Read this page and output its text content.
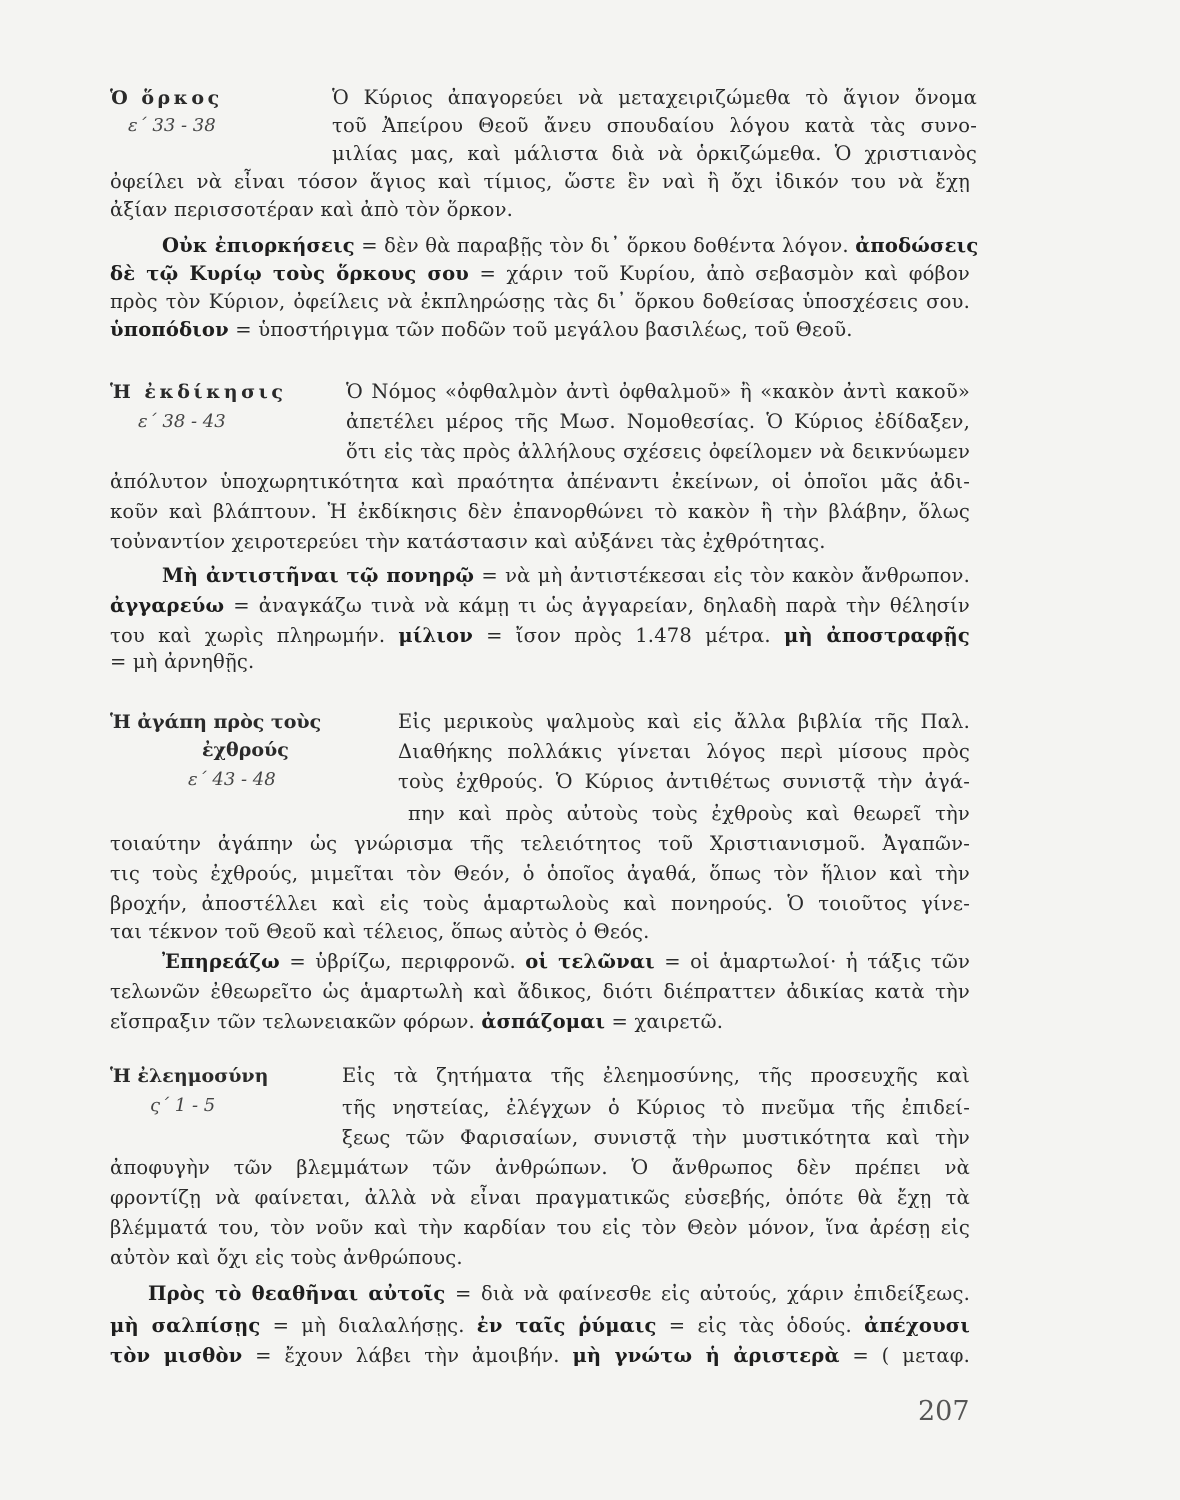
Ὁ ὅρκος
ε΄ 33 - 38
Ὁ Κύριος ἀπαγορεύει νὰ μεταχειριζώμεθα τὸ ἅγιον ὄνομα
τοῦ Ἀπείρου Θεοῦ ἄνευ σπουδαίου λόγου κατὰ τὰς συνο-
μιλίας μας, καὶ μάλιστα διὰ νὰ ὁρκιζώμεθα. Ὁ χριστιανὸς
ὀφείλει νὰ εἶναι τόσον ἅγιος καὶ τίμιος, ὥστε ἓν ναὶ ἢ ὄχι ἰδικόν του νὰ ἔχῃ
ἀξίαν περισσοτέραν καὶ ἀπὸ τὸν ὅρκον.
Οὐκ ἐπιορκήσεις = δὲν θὰ παραβῇς τὸν δι᾽ ὅρκου δοθέντα λόγον. ἀποδώσεις
δὲ τῷ Κυρίῳ τοὺς ὅρκους σου = χάριν τοῦ Κυρίου, ἀπὸ σεβασμὸν καὶ φόβον
πρὸς τὸν Κύριον, ὀφείλεις νὰ ἐκπληρώσῃς τὰς δι᾽ ὅρκου δοθείσας ὑποσχέσεις σου.
ὑποπόδιον = ὑποστήριγμα τῶν ποδῶν τοῦ μεγάλου βασιλέως, τοῦ Θεοῦ.
Ἡ ἐκδίκησις
ε΄ 38 - 43
Ὁ Νόμος «ὀφθαλμὸν ἀντὶ ὀφθαλμοῦ» ἢ «κακὸν ἀντὶ κακοῦ»
ἀπετέλει μέρος τῆς Μωσ. Νομοθεσίας. Ὁ Κύριος ἐδίδαξεν,
ὅτι εἰς τὰς πρὸς ἀλλήλους σχέσεις ὀφείλομεν νὰ δεικνύωμεν
ἀπόλυτον ὑποχωρητικότητα καὶ πραότητα ἀπέναντι ἐκείνων, οἱ ὁποῖοι μᾶς ἀδι-
κοῦν καὶ βλάπτουν. Ἡ ἐκδίκησις δὲν ἐπανορθώνει τὸ κακὸν ἢ τὴν βλάβην, ὅλως
τοὐναντίον χειροτερεύει τὴν κατάστασιν καὶ αὐξάνει τὰς ἐχθρότητας.
Μὴ ἀντιστῆναι τῷ πονηρῷ = νὰ μὴ ἀντιστέκεσαι εἰς τὸν κακὸν ἄνθρωπον.
ἀγγαρεύω = ἀναγκάζω τινὰ νὰ κάμῃ τι ὡς ἀγγαρείαν, δηλαδὴ παρὰ τὴν θέλησίν
του καὶ χωρὶς πληρωμήν. μίλιον = ἴσον πρὸς 1.478 μέτρα. μὴ ἀποστραφῇς
= μὴ ἀρνηθῇς.
Ἡ ἀγάπη πρὸς τοὺς
ἐχθρούς
ε΄ 43 - 48
Εἰς μερικοὺς ψαλμοὺς καὶ εἰς ἄλλα βιβλία τῆς Παλ.
Διαθήκης πολλάκις γίνεται λόγος περὶ μίσους πρὸς
τοὺς ἐχθρούς. Ὁ Κύριος ἀντιθέτως συνιστᾷ τὴν ἀγά-
πην καὶ πρὸς αὐτοὺς τοὺς ἐχθροὺς καὶ θεωρεῖ τὴν
τοιαύτην ἀγάπην ὡς γνώρισμα τῆς τελειότητος τοῦ Χριστιανισμοῦ. Ἀγαπῶν-
τις τοὺς ἐχθρούς, μιμεῖται τὸν Θεόν, ὁ ὁποῖος ἀγαθά, ὅπως τὸν ἥλιον καὶ τὴν
βροχήν, ἀποστέλλει καὶ εἰς τοὺς ἁμαρτωλοὺς καὶ πονηρούς. Ὁ τοιοῦτος γίνε-
ται τέκνον τοῦ Θεοῦ καὶ τέλειος, ὅπως αὐτὸς ὁ Θεός.
Ἐπηρεάζω = ὑβρίζω, περιφρονῶ. οἱ τελῶναι = οἱ ἁμαρτωλοί· ἡ τάξις τῶν
τελωνῶν ἐθεωρεῖτο ὡς ἁμαρτωλὴ καὶ ἄδικος, διότι διέπραττεν ἀδικίας κατὰ τὴν
εἴσπραξιν τῶν τελωνειακῶν φόρων. ἀσπάζομαι = χαιρετῶ.
Ἡ ἐλεημοσύνη
ς΄ 1 - 5
Εἰς τὰ ζητήματα τῆς ἐλεημοσύνης, τῆς προσευχῆς καὶ
τῆς νηστείας, ἐλέγχων ὁ Κύριος τὸ πνεῦμα τῆς ἐπιδεί-
ξεως τῶν Φαρισαίων, συνιστᾷ τὴν μυστικότητα καὶ τὴν
ἀποφυγὴν τῶν βλεμμάτων τῶν ἀνθρώπων. Ὁ ἄνθρωπος δὲν πρέπει νὰ
φροντίζῃ νὰ φαίνεται, ἀλλὰ νὰ εἶναι πραγματικῶς εὐσεβής, ὁπότε θὰ ἔχῃ τὰ
βλέμματά του, τὸν νοῦν καὶ τὴν καρδίαν του εἰς τὸν Θεὸν μόνον, ἵνα ἀρέσῃ εἰς
αὐτὸν καὶ ὄχι εἰς τοὺς ἀνθρώπους.
Πρὸς τὸ θεαθῆναι αὐτοῖς = διὰ νὰ φαίνεσθε εἰς αὐτούς, χάριν ἐπιδείξεως.
μὴ σαλπίσῃς = μὴ διαλαλήσῃς. ἐν ταῖς ῥύμαις = εἰς τὰς ὁδούς. ἀπέχουσι
τὸν μισθὸν = ἔχουν λάβει τὴν ἀμοιβήν. μὴ γνώτω ἡ ἀριστερὰ = ( μεταφ.
207
